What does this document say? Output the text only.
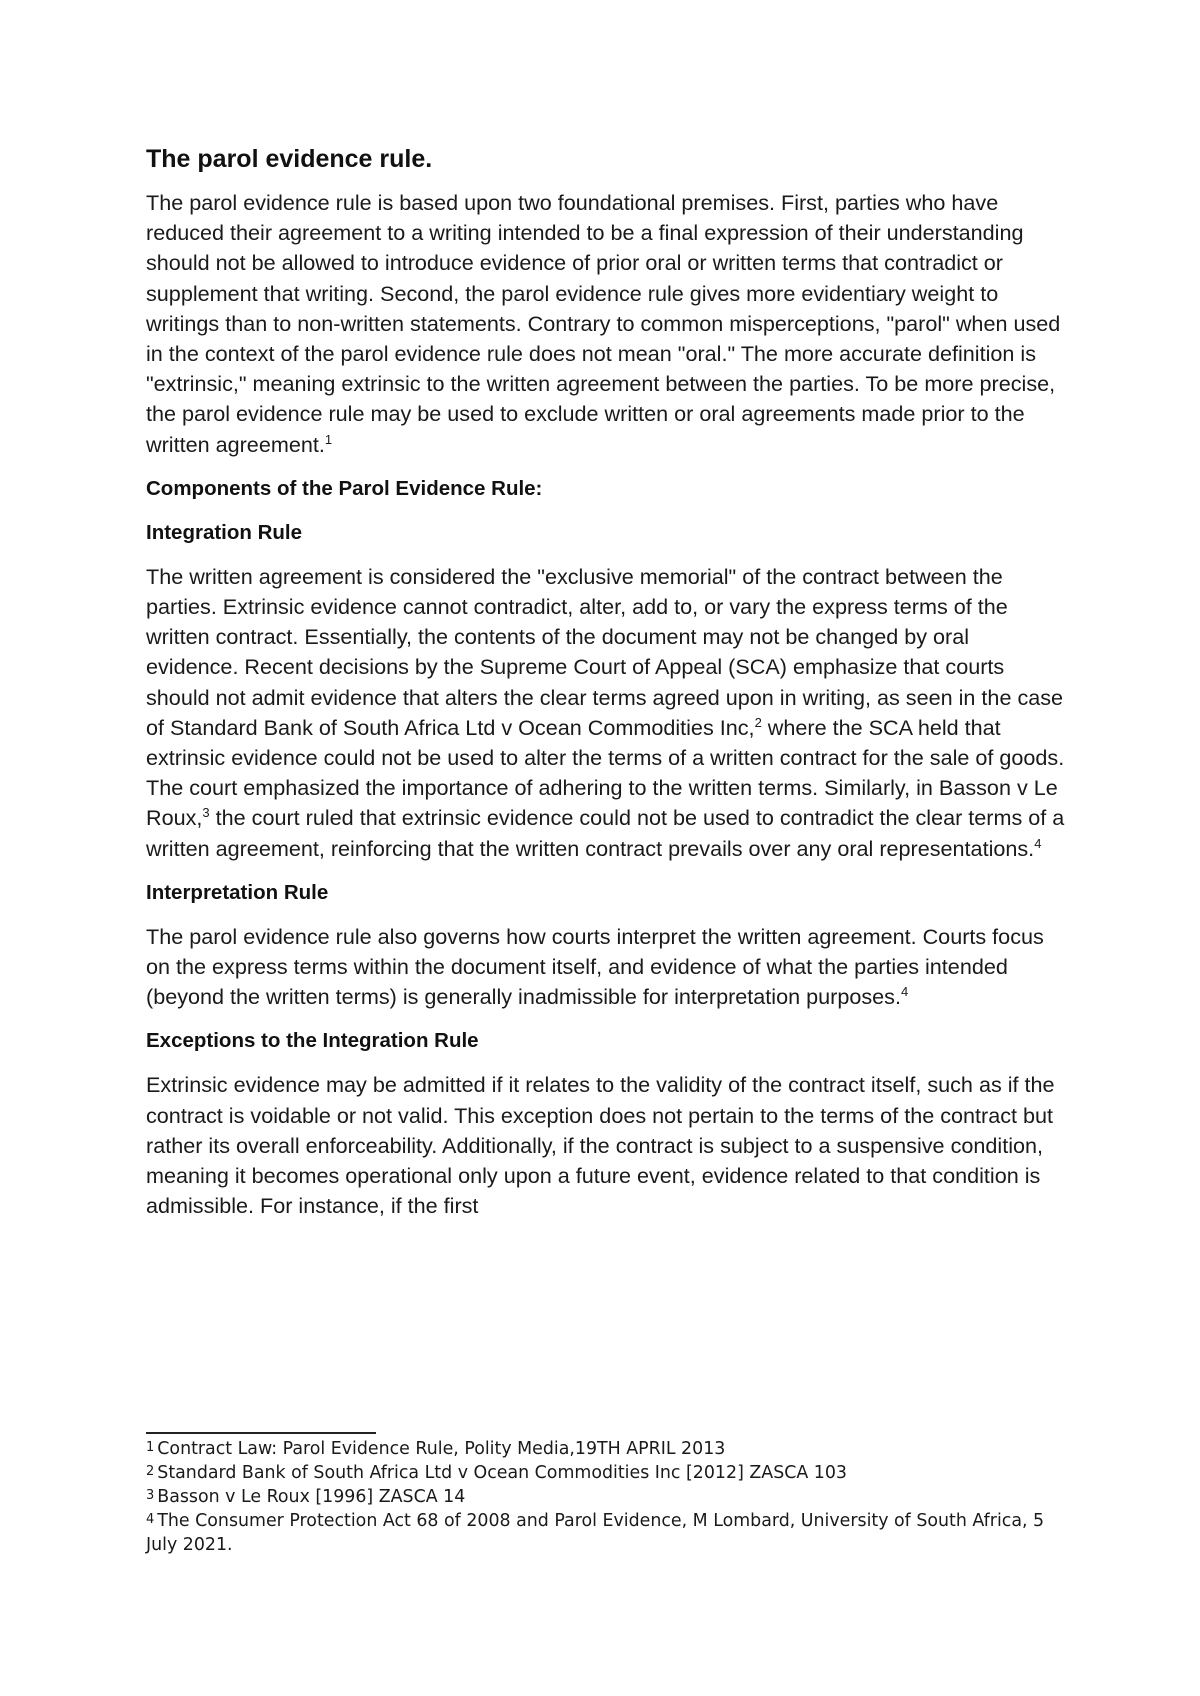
The parol evidence rule.

The parol evidence rule is based upon two foundational premises. First, parties who have reduced their agreement to a writing intended to be a final expression of their understanding should not be allowed to introduce evidence of prior oral or written terms that contradict or supplement that writing. Second, the parol evidence rule gives more evidentiary weight to writings than to non-written statements. Contrary to common misperceptions, "parol" when used in the context of the parol evidence rule does not mean "oral." The more accurate definition is "extrinsic," meaning extrinsic to the written agreement between the parties. To be more precise, the parol evidence rule may be used to exclude written or oral agreements made prior to the written agreement.$^1$

Components of the Parol Evidence Rule:
Integration Rule

The written agreement is considered the "exclusive memorial" of the contract between the parties. Extrinsic evidence cannot contradict, alter, add to, or vary the express terms of the written contract. Essentially, the contents of the document may not be changed by oral evidence. Recent decisions by the Supreme Court of Appeal (SCA) emphasize that courts should not admit evidence that alters the clear terms agreed upon in writing, as seen in the case of Standard Bank of South Africa Ltd v Ocean Commodities Inc,$^2$ where the SCA held that extrinsic evidence could not be used to alter the terms of a written contract for the sale of goods. The court emphasized the importance of adhering to the written terms. Similarly, in Basson v Le Roux,$^3$ the court ruled that extrinsic evidence could not be used to contradict the clear terms of a written agreement, reinforcing that the written contract prevails over any oral representations.$^4$

Interpretation Rule

The parol evidence rule also governs how courts interpret the written agreement. Courts focus on the express terms within the document itself, and evidence of what the parties intended (beyond the written terms) is generally inadmissible for interpretation purposes.$^4$

Exceptions to the Integration Rule

Extrinsic evidence may be admitted if it relates to the validity of the contract itself, such as if the contract is voidable or not valid. This exception does not pertain to the terms of the contract but rather its overall enforceability. Additionally, if the contract is subject to a suspensive condition, meaning it becomes operational only upon a future event, evidence related to that condition is admissible. For instance, if the first

$^1$ Contract Law: Parol Evidence Rule, Polity Media,19TH APRIL 2013

$^2$ Standard Bank of South Africa Ltd v Ocean Commodities Inc [2012] ZASCA 103

$^3$ Basson v Le Roux [1996] ZASCA 14

$^4$ The Consumer Protection Act 68 of 2008 and Parol Evidence, M Lombard, University of South Africa, 5 July 2021.
